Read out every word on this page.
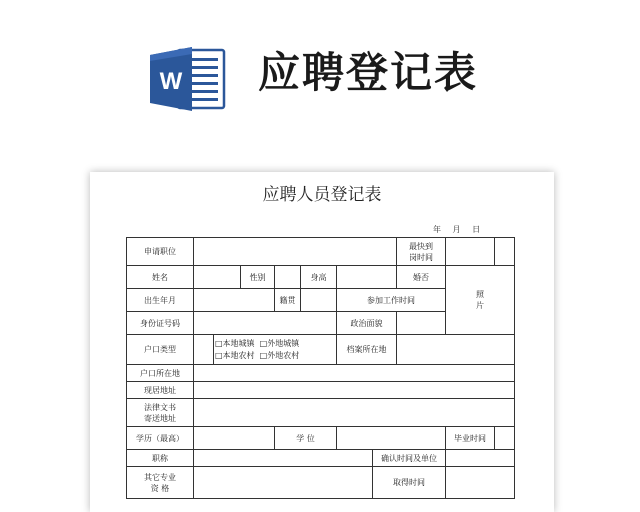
W 应聘登记表
应聘人员登记表
年 月 日
申请职位								最快到
岗时间		

姓名			性别		身高			婚否	照
片	

出生年月				籍贯		参加工作时间				
身份证号码						政治面貌				
户口类型		□本地城镇 □外地城镇
□本地农村 □外地农村				档案所在地				
户口所在地										
现居地址										

法律文书
寄送地址										

学历（最高）				学 位					毕业时间	
职称							确认时间及单位			

其它专业
资 格							取得时间			
